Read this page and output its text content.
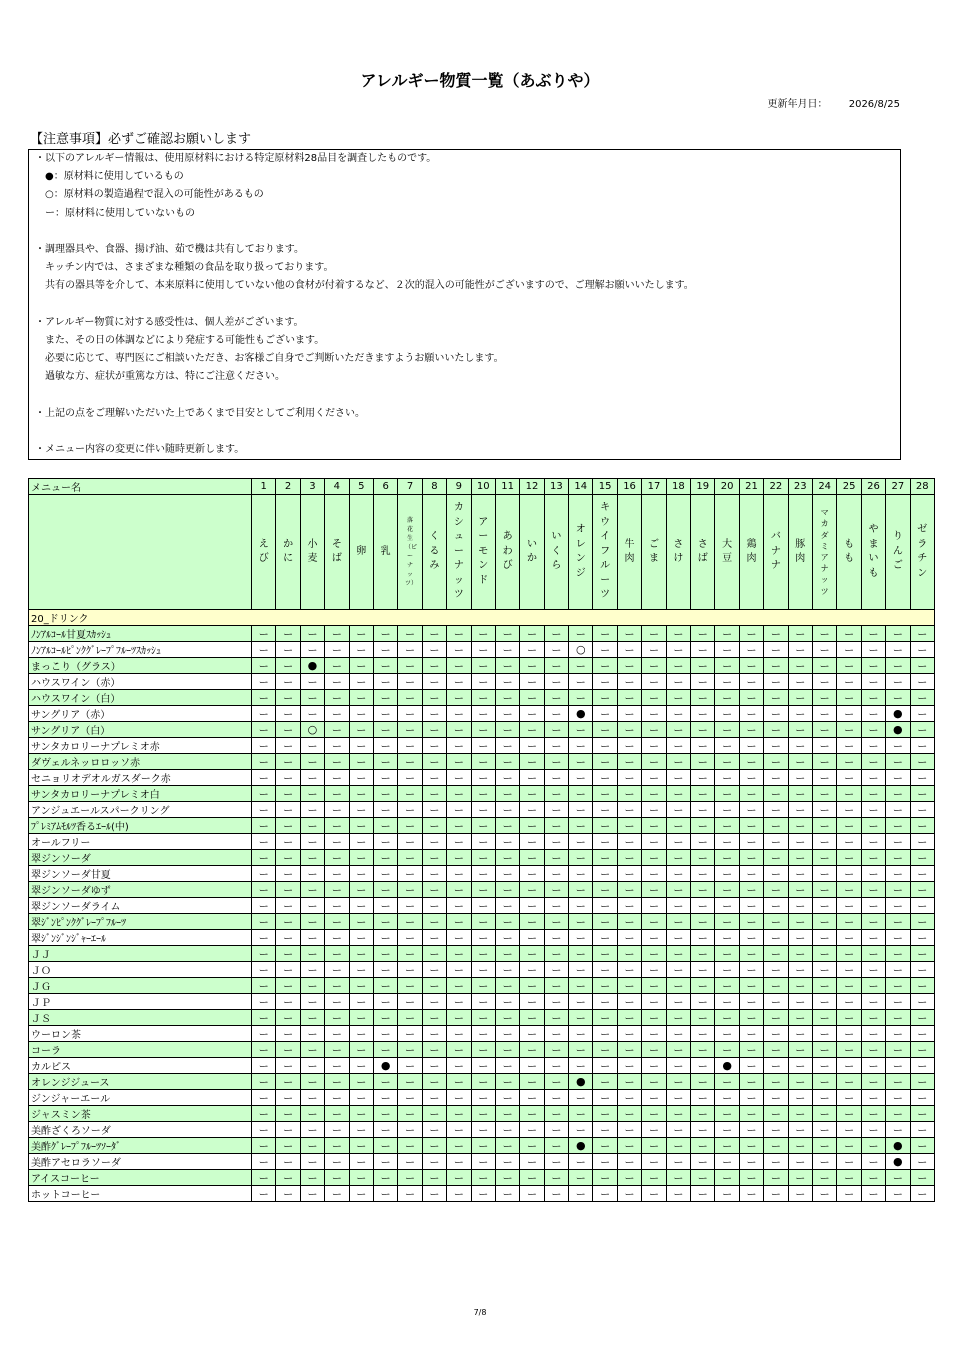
アレルギー物質一覧（あぶりや）
更新年月日： 2026/8/25
【注意事項】必ずご確認お願いします
・以下のアレルギー情報は、使用原材料における特定原材料28品目を調査したものです。
　●：原材料に使用しているもの
　○：原材料の製造過程で混入の可能性があるもの
　ー：原材料に使用していないもの
・調理器具や、食器、揚げ油、茹で機は共有しております。
　キッチン内では、さまざまな種類の食品を取り扱っております。
　共有の器具等を介して、本来原料に使用していない他の食材が付着するなど、２次的混入の可能性がございますので、ご理解お願いいたします。
・アレルギー物質に対する感受性は、個人差がございます。
　また、その日の体調などにより発症する可能性もございます。
　必要に応じて、専門医にご相談いただき、お客様ご自身でご判断いただきますようお願いいたします。
　過敏な方、症状が重篤な方は、特にご注意ください。
・上記の点をご理解いただいた上であくまで目安としてご利用ください。
・メニュー内容の変更に伴い随時更新します。
メニュー名	1	2	3	4	5	6	7	8	9	10	11	12	13	14	15	16	17	18	19	20	21	22	23	24	25	26	27	28
	えび	かに	小麦	そば	卵	乳	落花生（ピーナッツ）	くるみ	カシューナッツ	アーモンド	あわび	いか	いくら	オレンジ	キウイフルーツ	牛肉	ごま	さけ	さば	大豆	鶏肉	バナナ	豚肉	マカダミアナッツ	もも	やまいも	りんご	ゼラチン
20_ドリンク																												
ﾉﾝｱﾙｺｰﾙ甘夏ｽｶｯｼｭ	ー	ー	ー	ー	ー	ー	ー	ー	ー	ー	ー	ー	ー	ー	ー	ー	ー	ー	ー	ー	ー	ー	ー	ー	ー	ー	ー	ー
ﾉﾝｱﾙｺｰﾙﾋﾟﾝｸｸﾞﾚｰﾌﾟﾌﾙｰﾂｽｶｯｼｭ	ー	ー	ー	ー	ー	ー	ー	ー	ー	ー	ー	ー	ー	○	ー	ー	ー	ー	ー	ー	ー	ー	ー	ー	ー	ー	ー	ー
まっこり（グラス）	ー	ー	●	ー	ー	ー	ー	ー	ー	ー	ー	ー	ー	ー	ー	ー	ー	ー	ー	ー	ー	ー	ー	ー	ー	ー	ー	ー
ハウスワイン（赤）	ー	ー	ー	ー	ー	ー	ー	ー	ー	ー	ー	ー	ー	ー	ー	ー	ー	ー	ー	ー	ー	ー	ー	ー	ー	ー	ー	ー
ハウスワイン（白）	ー	ー	ー	ー	ー	ー	ー	ー	ー	ー	ー	ー	ー	ー	ー	ー	ー	ー	ー	ー	ー	ー	ー	ー	ー	ー	ー	ー
サングリア（赤）	ー	ー	ー	ー	ー	ー	ー	ー	ー	ー	ー	ー	ー	●	ー	ー	ー	ー	ー	ー	ー	ー	ー	ー	ー	ー	●	ー
サングリア（白）	ー	ー	○	ー	ー	ー	ー	ー	ー	ー	ー	ー	ー	ー	ー	ー	ー	ー	ー	ー	ー	ー	ー	ー	ー	ー	●	ー
サンタカロリーナプレミオ赤	ー	ー	ー	ー	ー	ー	ー	ー	ー	ー	ー	ー	ー	ー	ー	ー	ー	ー	ー	ー	ー	ー	ー	ー	ー	ー	ー	ー
ダヴェルネッロロッソ赤	ー	ー	ー	ー	ー	ー	ー	ー	ー	ー	ー	ー	ー	ー	ー	ー	ー	ー	ー	ー	ー	ー	ー	ー	ー	ー	ー	ー
セニョリオデオルガスダーク赤	ー	ー	ー	ー	ー	ー	ー	ー	ー	ー	ー	ー	ー	ー	ー	ー	ー	ー	ー	ー	ー	ー	ー	ー	ー	ー	ー	ー
サンタカロリーナプレミオ白	ー	ー	ー	ー	ー	ー	ー	ー	ー	ー	ー	ー	ー	ー	ー	ー	ー	ー	ー	ー	ー	ー	ー	ー	ー	ー	ー	ー
アンジュエールスパークリング	ー	ー	ー	ー	ー	ー	ー	ー	ー	ー	ー	ー	ー	ー	ー	ー	ー	ー	ー	ー	ー	ー	ー	ー	ー	ー	ー	ー
ﾌﾟﾚﾐｱﾑﾓﾙﾂ香るｴｰﾙ(中)	ー	ー	ー	ー	ー	ー	ー	ー	ー	ー	ー	ー	ー	ー	ー	ー	ー	ー	ー	ー	ー	ー	ー	ー	ー	ー	ー	ー
オールフリー	ー	ー	ー	ー	ー	ー	ー	ー	ー	ー	ー	ー	ー	ー	ー	ー	ー	ー	ー	ー	ー	ー	ー	ー	ー	ー	ー	ー
翠ジンソーダ	ー	ー	ー	ー	ー	ー	ー	ー	ー	ー	ー	ー	ー	ー	ー	ー	ー	ー	ー	ー	ー	ー	ー	ー	ー	ー	ー	ー
翠ジンソーダ甘夏	ー	ー	ー	ー	ー	ー	ー	ー	ー	ー	ー	ー	ー	ー	ー	ー	ー	ー	ー	ー	ー	ー	ー	ー	ー	ー	ー	ー
翠ジンソーダゆず	ー	ー	ー	ー	ー	ー	ー	ー	ー	ー	ー	ー	ー	ー	ー	ー	ー	ー	ー	ー	ー	ー	ー	ー	ー	ー	ー	ー
翠ジンソーダライム	ー	ー	ー	ー	ー	ー	ー	ー	ー	ー	ー	ー	ー	ー	ー	ー	ー	ー	ー	ー	ー	ー	ー	ー	ー	ー	ー	ー
翠ｼﾞﾝﾋﾟﾝｸｸﾞﾚｰﾌﾟﾌﾙｰﾂ	ー	ー	ー	ー	ー	ー	ー	ー	ー	ー	ー	ー	ー	ー	ー	ー	ー	ー	ー	ー	ー	ー	ー	ー	ー	ー	ー	ー
翠ｼﾞﾝｼﾞﾝｼﾞｬｰｴｰﾙ	ー	ー	ー	ー	ー	ー	ー	ー	ー	ー	ー	ー	ー	ー	ー	ー	ー	ー	ー	ー	ー	ー	ー	ー	ー	ー	ー	ー
ＪＪ	ー	ー	ー	ー	ー	ー	ー	ー	ー	ー	ー	ー	ー	ー	ー	ー	ー	ー	ー	ー	ー	ー	ー	ー	ー	ー	ー	ー
ＪＯ	ー	ー	ー	ー	ー	ー	ー	ー	ー	ー	ー	ー	ー	ー	ー	ー	ー	ー	ー	ー	ー	ー	ー	ー	ー	ー	ー	ー
ＪＧ	ー	ー	ー	ー	ー	ー	ー	ー	ー	ー	ー	ー	ー	ー	ー	ー	ー	ー	ー	ー	ー	ー	ー	ー	ー	ー	ー	ー
ＪＰ	ー	ー	ー	ー	ー	ー	ー	ー	ー	ー	ー	ー	ー	ー	ー	ー	ー	ー	ー	ー	ー	ー	ー	ー	ー	ー	ー	ー
ＪＳ	ー	ー	ー	ー	ー	ー	ー	ー	ー	ー	ー	ー	ー	ー	ー	ー	ー	ー	ー	ー	ー	ー	ー	ー	ー	ー	ー	ー
ウーロン茶	ー	ー	ー	ー	ー	ー	ー	ー	ー	ー	ー	ー	ー	ー	ー	ー	ー	ー	ー	ー	ー	ー	ー	ー	ー	ー	ー	ー
コーラ	ー	ー	ー	ー	ー	ー	ー	ー	ー	ー	ー	ー	ー	ー	ー	ー	ー	ー	ー	ー	ー	ー	ー	ー	ー	ー	ー	ー
カルピス	ー	ー	ー	ー	ー	●	ー	ー	ー	ー	ー	ー	ー	ー	ー	ー	ー	ー	ー	●	ー	ー	ー	ー	ー	ー	ー	ー
オレンジジュース	ー	ー	ー	ー	ー	ー	ー	ー	ー	ー	ー	ー	ー	●	ー	ー	ー	ー	ー	ー	ー	ー	ー	ー	ー	ー	ー	ー
ジンジャーエール	ー	ー	ー	ー	ー	ー	ー	ー	ー	ー	ー	ー	ー	ー	ー	ー	ー	ー	ー	ー	ー	ー	ー	ー	ー	ー	ー	ー
ジャスミン茶	ー	ー	ー	ー	ー	ー	ー	ー	ー	ー	ー	ー	ー	ー	ー	ー	ー	ー	ー	ー	ー	ー	ー	ー	ー	ー	ー	ー
美酢ざくろソーダ	ー	ー	ー	ー	ー	ー	ー	ー	ー	ー	ー	ー	ー	ー	ー	ー	ー	ー	ー	ー	ー	ー	ー	ー	ー	ー	ー	ー
美酢ｸﾞﾚｰﾌﾟﾌﾙｰﾂｿｰﾀﾞ	ー	ー	ー	ー	ー	ー	ー	ー	ー	ー	ー	ー	ー	●	ー	ー	ー	ー	ー	ー	ー	ー	ー	ー	ー	ー	●	ー
美酢アセロラソーダ	ー	ー	ー	ー	ー	ー	ー	ー	ー	ー	ー	ー	ー	ー	ー	ー	ー	ー	ー	ー	ー	ー	ー	ー	ー	ー	●	ー
アイスコーヒー	ー	ー	ー	ー	ー	ー	ー	ー	ー	ー	ー	ー	ー	ー	ー	ー	ー	ー	ー	ー	ー	ー	ー	ー	ー	ー	ー	ー
ホットコーヒー	ー	ー	ー	ー	ー	ー	ー	ー	ー	ー	ー	ー	ー	ー	ー	ー	ー	ー	ー	ー	ー	ー	ー	ー	ー	ー	ー	ー
7/8
